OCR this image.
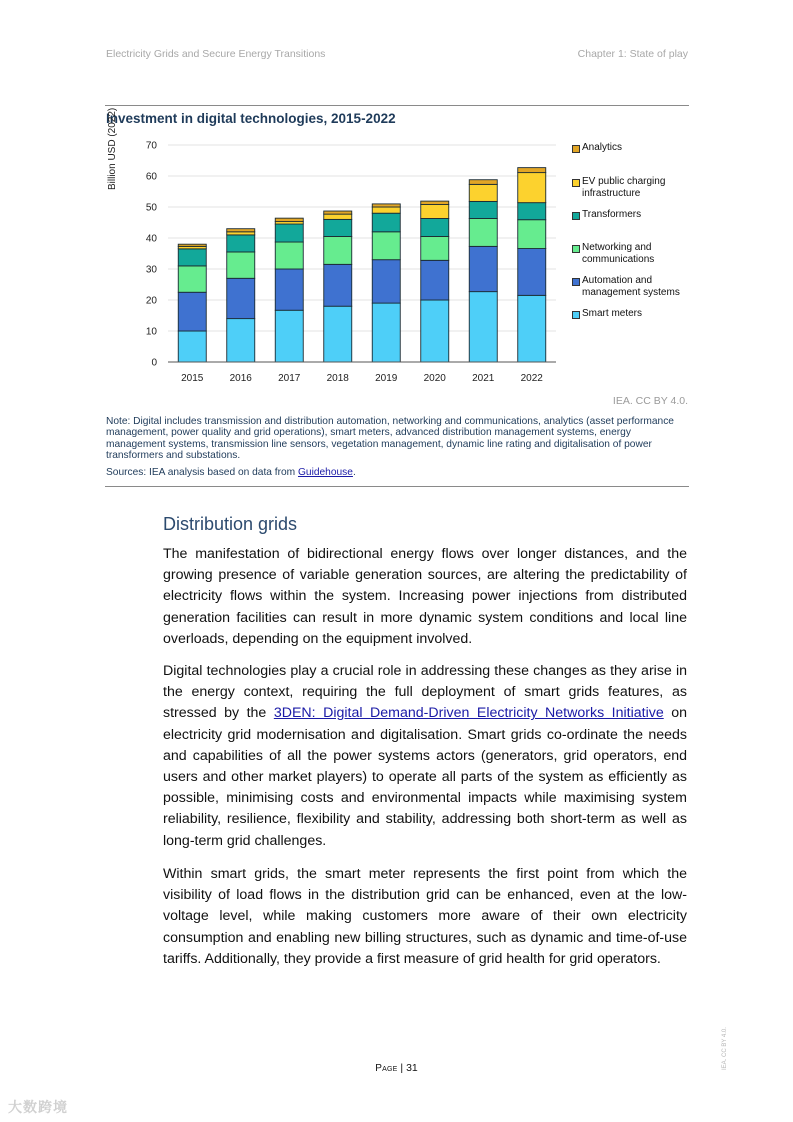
Electricity Grids and Secure Energy Transitions	Chapter 1: State of play
Investment in digital technologies, 2015-2022
Billion USD (2022)
0
10
20
30
40
50
60
70
2015	2016	2017	2018	2019	2020	2021	2022
Analytics
EV public charging infrastructure
Transformers
Networking and communications
Automation and management systems
Smart meters
IEA. CC BY 4.0.
Note: Digital includes transmission and distribution automation, networking and communications, analytics (asset performance management, power quality and grid operations), smart meters, advanced distribution management systems, energy management systems, transmission line sensors, vegetation management, dynamic line rating and digitalisation of power transformers and substations.
Sources: IEA analysis based on data from Guidehouse.
Distribution grids
The manifestation of bidirectional energy flows over longer distances, and the growing presence of variable generation sources, are altering the predictability of electricity flows within the system. Increasing power injections from distributed generation facilities can result in more dynamic system conditions and local line overloads, depending on the equipment involved.
Digital technologies play a crucial role in addressing these changes as they arise in the energy context, requiring the full deployment of smart grids features, as stressed by the 3DEN: Digital Demand-Driven Electricity Networks Initiative on electricity grid modernisation and digitalisation. Smart grids co-ordinate the needs and capabilities of all the power systems actors (generators, grid operators, end users and other market players) to operate all parts of the system as efficiently as possible, minimising costs and environmental impacts while maximising system reliability, resilience, flexibility and stability, addressing both short-term as well as long-term grid challenges.
Within smart grids, the smart meter represents the first point from which the visibility of load flows in the distribution grid can be enhanced, even at the low-voltage level, while making customers more aware of their own electricity consumption and enabling new billing structures, such as dynamic and time-of-use tariffs. Additionally, they provide a first measure of grid health for grid operators.
Page | 31	IEA. CC BY 4.0.
大数跨境
